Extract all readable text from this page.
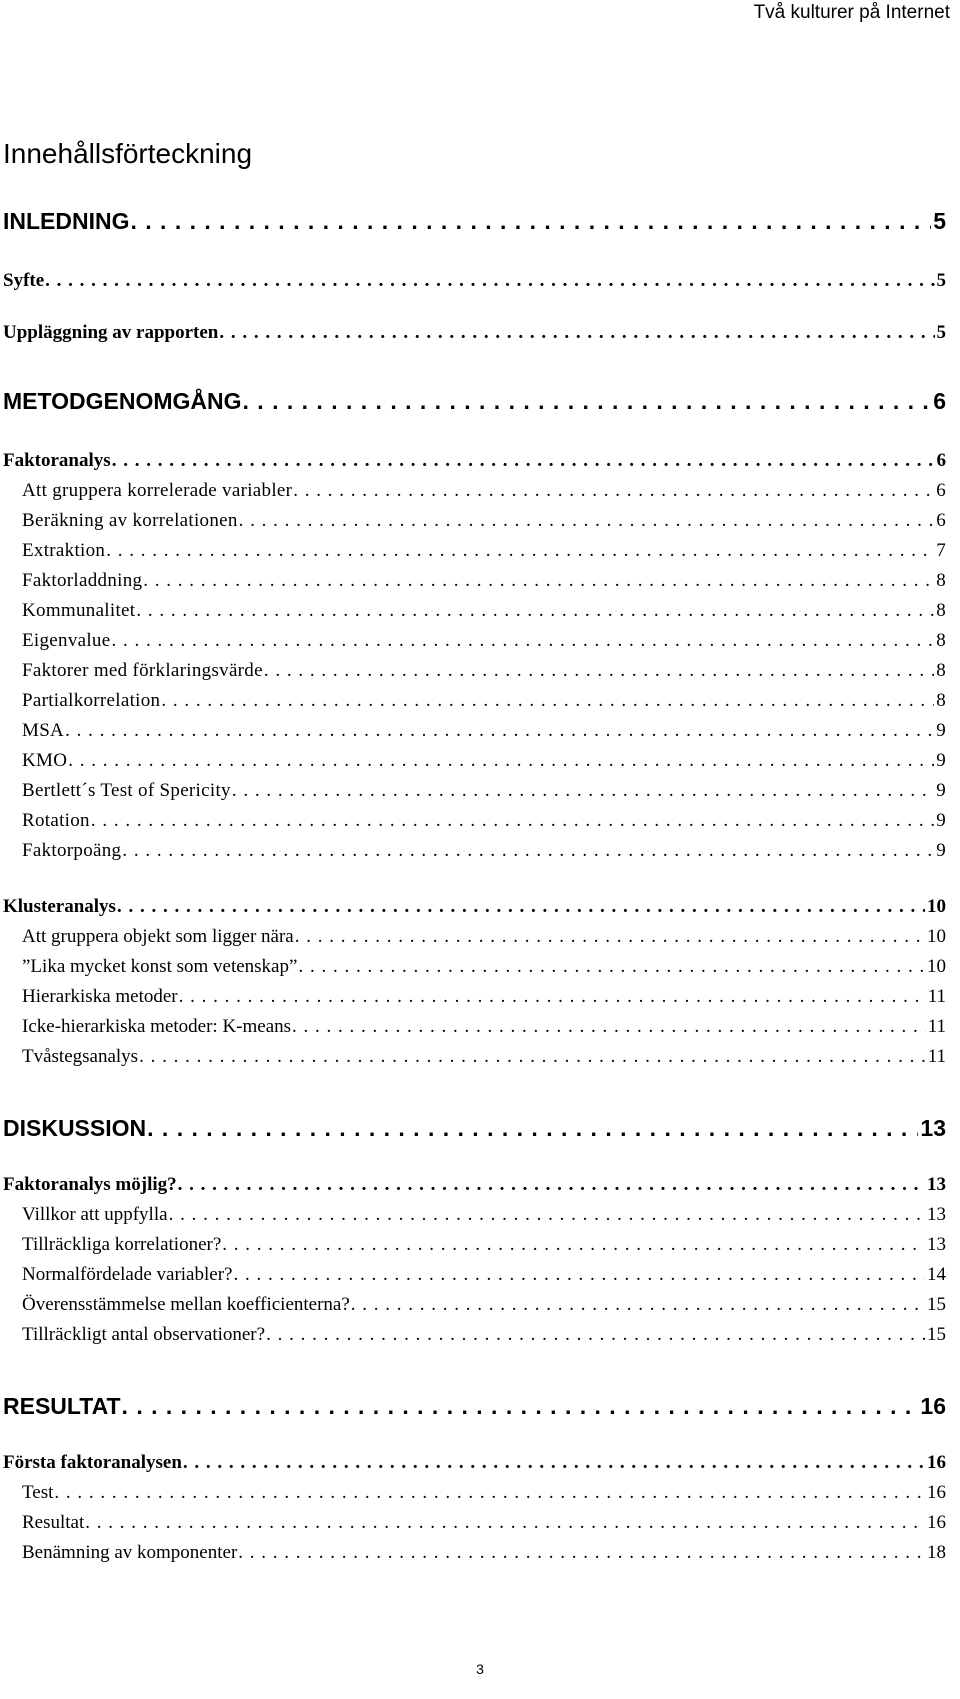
Två kulturer på Internet
Innehållsförteckning
INLEDNING . . .	5
Syfte . . .	5
Uppläggning av rapporten . . .	5
METODGENOMGÅNG . . .	6
Faktoranalys . . .	6
Att gruppera korrelerade variabler . . .	6
Beräkning av korrelationen . . .	6
Extraktion . . .	7
Faktorladdning . . .	8
Kommunalitet . . .	8
Eigenvalue . . .	8
Faktorer med förklaringsvärde . . .	8
Partialkorrelation . . .	8
MSA . . .	9
KMO . . .	9
Bertlett´s Test of Spericity . . .	9
Rotation . . .	9
Faktorpoäng . . .	9
Klusteranalys . . .	10
Att gruppera objekt som ligger nära . . .	10
”Lika mycket konst som vetenskap” . . .	10
Hierarkiska metoder . . .	11
Icke-hierarkiska metoder: K-means . . .	11
Tvåstegsanalys . . .	11
DISKUSSION . . .	13
Faktoranalys möjlig? . . .	13
Villkor att uppfylla . . .	13
Tillräckliga korrelationer? . . .	13
Normalfördelade variabler? . . .	14
Överensstämmelse mellan koefficienterna? . . .	15
Tillräckligt antal observationer? . . .	15
RESULTAT . . .	16
Första faktoranalysen . . .	16
Test . . .	16
Resultat . . .	16
Benämning av komponenter . . .	18
3
